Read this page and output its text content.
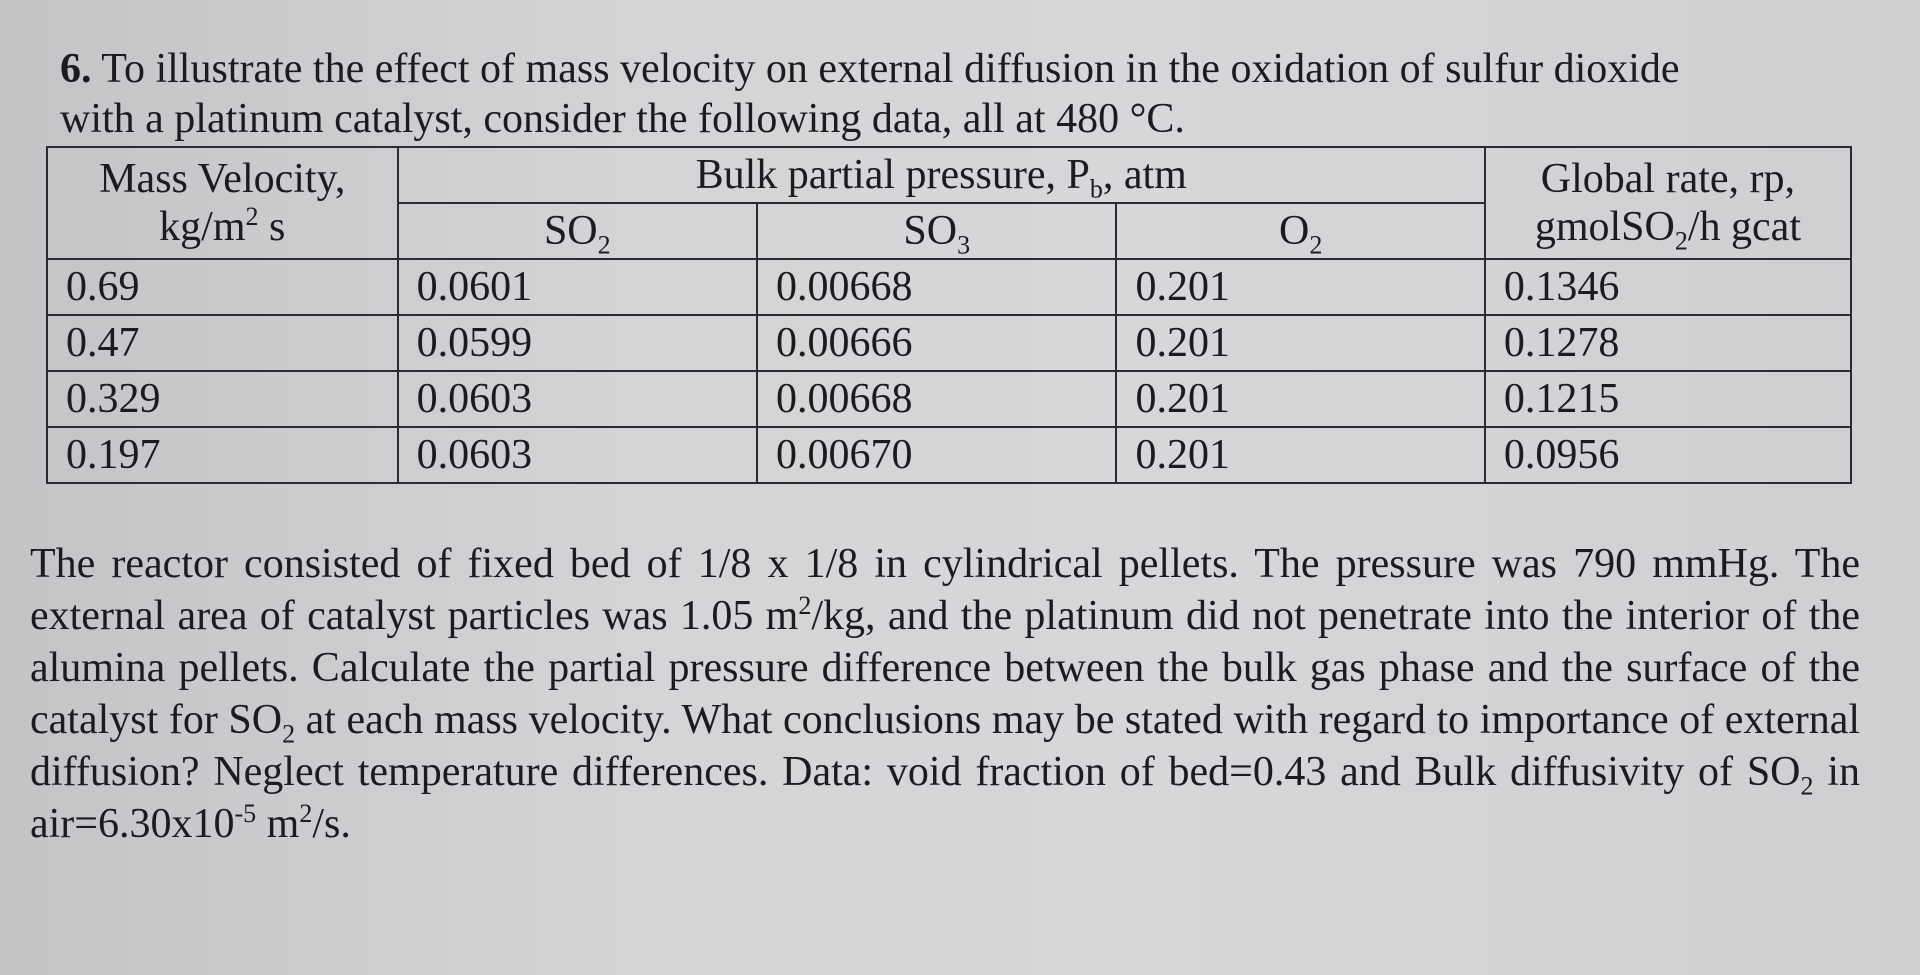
6. To illustrate the effect of mass velocity on external diffusion in the oxidation of sulfur dioxide
with a platinum catalyst, consider the following data, all at 480 °C.
Mass Velocity,
$kg/m^2$ s	Bulk partial pressure, $P_b$, atm			Global rate, rp,
gmolSO$_2$/h gcat
	$SO_2$	$SO_3$	$O_2$
0.69	0.0601	0.00668	0.201	0.1346
0.47	0.0599	0.00666	0.201	0.1278
0.329	0.0603	0.00668	0.201	0.1215
0.197	0.0603	0.00670	0.201	0.0956

The reactor consisted of fixed bed of 1/8 x 1/8 in cylindrical pellets. The pressure was 790 mmHg. The external area of catalyst particles was 1.05 $m^2/kg$, and the platinum did not penetrate into the interior of the alumina pellets. Calculate the partial pressure difference between the bulk gas phase and the surface of the catalyst for $SO_2$ at each mass velocity. What conclusions may be stated with regard to importance of external diffusion? Neglect temperature differences. Data: void fraction of bed=0.43 and Bulk diffusivity of $SO_2$ in $air=6.30x10^{-5}$ $m^2/s$.
